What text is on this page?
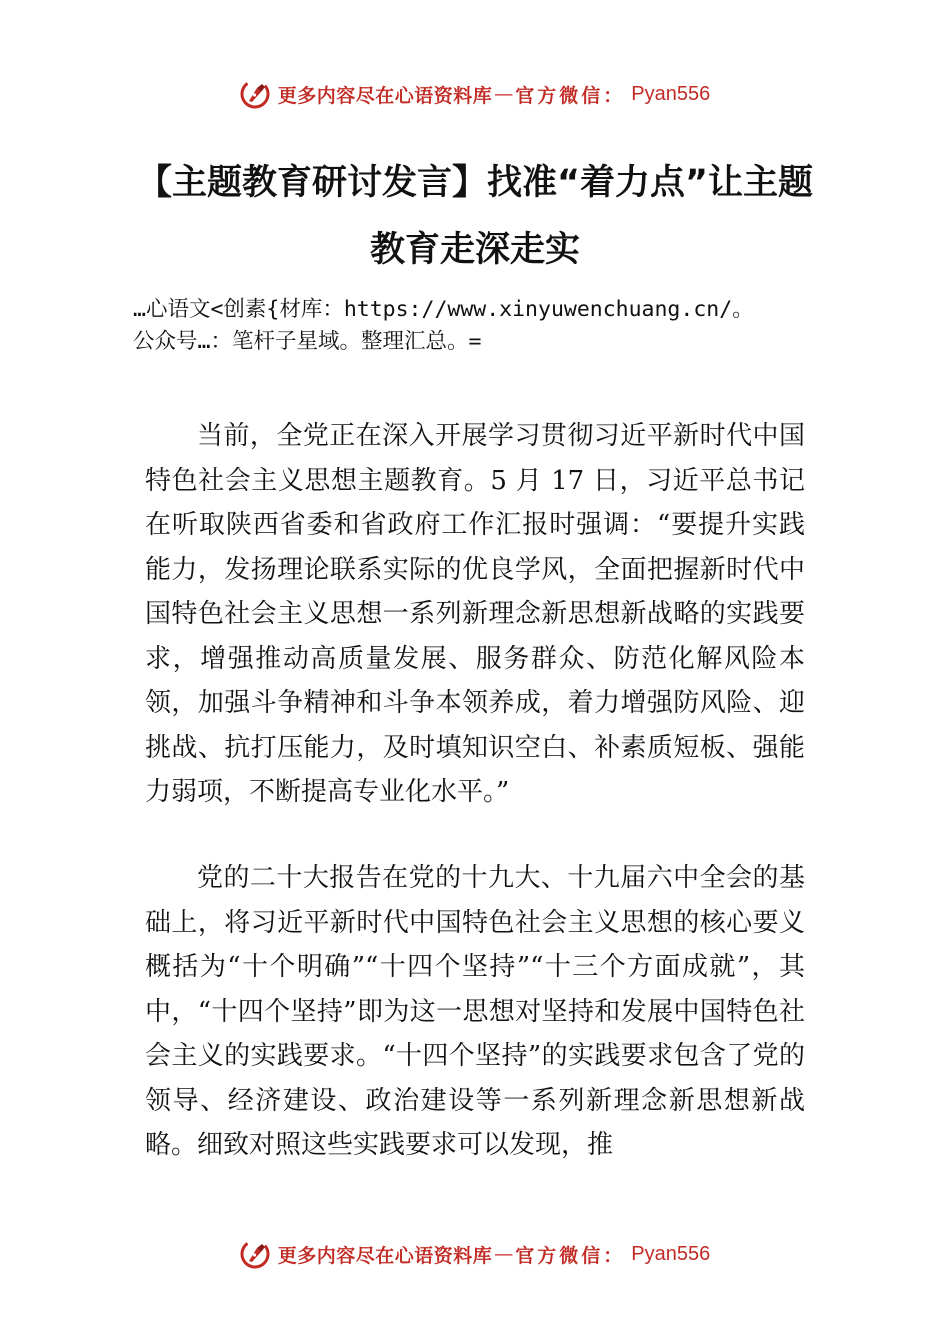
更多内容尽在心语资料库 — 官方微信： Pyan556
【主题教育研讨发言】找准“着力点”让主题教育走深走实
…心语文<创素{材库：https://www.xinyuwenchuang.cn/。
公众号…：笔杆子星域。整理汇总。=

当前，全党正在深入开展学习贯彻习近平新时代中国特色社会主义思想主题教育。5 月 17 日，习近平总书记在听取陕西省委和省政府工作汇报时强调：“要提升实践能力，发扬理论联系实际的优良学风，全面把握新时代中国特色社会主义思想一系列新理念新思想新战略的实践要求，增强推动高质量发展、服务群众、防范化解风险本领，加强斗争精神和斗争本领养成，着力增强防风险、迎挑战、抗打压能力，及时填知识空白、补素质短板、强能力弱项，不断提高专业化水平。”

党的二十大报告在党的十九大、十九届六中全会的基础上，将习近平新时代中国特色社会主义思想的核心要义概括为“十个明确”“十四个坚持”“十三个方面成就”，其中，“十四个坚持”即为这一思想对坚持和发展中国特色社会主义的实践要求。“十四个坚持”的实践要求包含了党的领导、经济建设、政治建设等一系列新理念新思想新战略。细致对照这些实践要求可以发现，推

更多内容尽在心语资料库 — 官方微信： Pyan556
